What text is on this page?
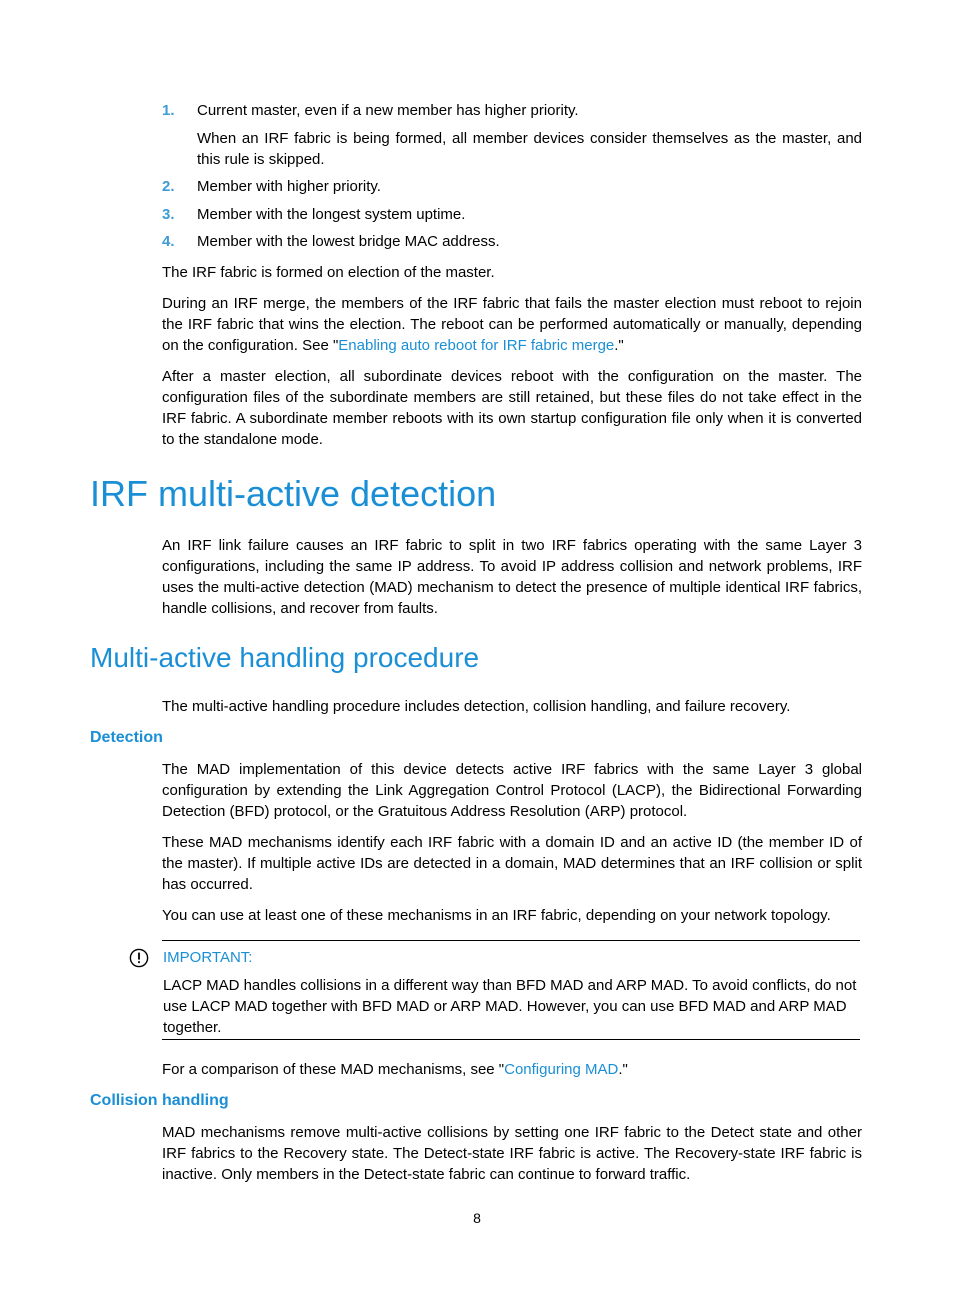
1. Current master, even if a new member has higher priority.

When an IRF fabric is being formed, all member devices consider themselves as the master, and this rule is skipped.

2. Member with higher priority.
3. Member with the longest system uptime.
4. Member with the lowest bridge MAC address.

The IRF fabric is formed on election of the master.

During an IRF merge, the members of the IRF fabric that fails the master election must reboot to rejoin the IRF fabric that wins the election. The reboot can be performed automatically or manually, depending on the configuration. See "Enabling auto reboot for IRF fabric merge."

After a master election, all subordinate devices reboot with the configuration on the master. The configuration files of the subordinate members are still retained, but these files do not take effect in the IRF fabric. A subordinate member reboots with its own startup configuration file only when it is converted to the standalone mode.

IRF multi-active detection

An IRF link failure causes an IRF fabric to split in two IRF fabrics operating with the same Layer 3 configurations, including the same IP address. To avoid IP address collision and network problems, IRF uses the multi-active detection (MAD) mechanism to detect the presence of multiple identical IRF fabrics, handle collisions, and recover from faults.

Multi-active handling procedure

The multi-active handling procedure includes detection, collision handling, and failure recovery.

Detection

The MAD implementation of this device detects active IRF fabrics with the same Layer 3 global configuration by extending the Link Aggregation Control Protocol (LACP), the Bidirectional Forwarding Detection (BFD) protocol, or the Gratuitous Address Resolution (ARP) protocol.

These MAD mechanisms identify each IRF fabric with a domain ID and an active ID (the member ID of the master). If multiple active IDs are detected in a domain, MAD determines that an IRF collision or split has occurred.

You can use at least one of these mechanisms in an IRF fabric, depending on your network topology.

IMPORTANT:

LACP MAD handles collisions in a different way than BFD MAD and ARP MAD. To avoid conflicts, do not use LACP MAD together with BFD MAD or ARP MAD. However, you can use BFD MAD and ARP MAD together.

For a comparison of these MAD mechanisms, see "Configuring MAD."

Collision handling

MAD mechanisms remove multi-active collisions by setting one IRF fabric to the Detect state and other IRF fabrics to the Recovery state. The Detect-state IRF fabric is active. The Recovery-state IRF fabric is inactive. Only members in the Detect-state fabric can continue to forward traffic.

8
